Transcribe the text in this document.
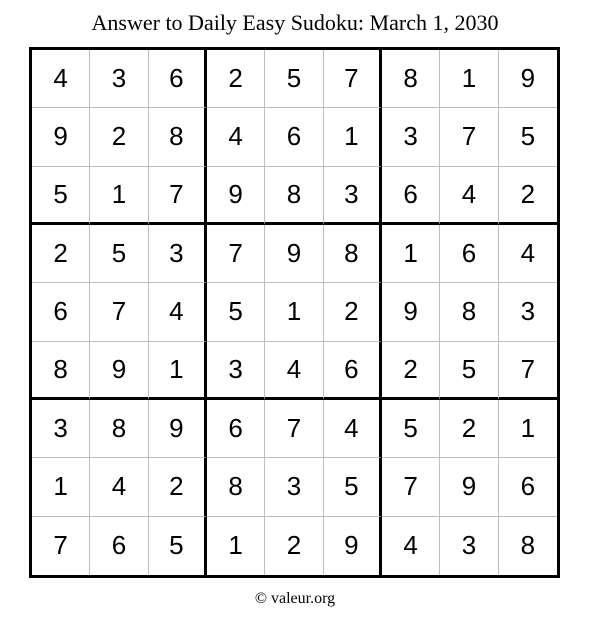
Answer to Daily Easy Sudoku: March 1, 2030
4	3	6	2	5	7	8	1	9
9	2	8	4	6	1	3	7	5
5	1	7	9	8	3	6	4	2
2	5	3	7	9	8	1	6	4
6	7	4	5	1	2	9	8	3
8	9	1	3	4	6	2	5	7
3	8	9	6	7	4	5	2	1
1	4	2	8	3	5	7	9	6
7	6	5	1	2	9	4	3	8
© valeur.org
